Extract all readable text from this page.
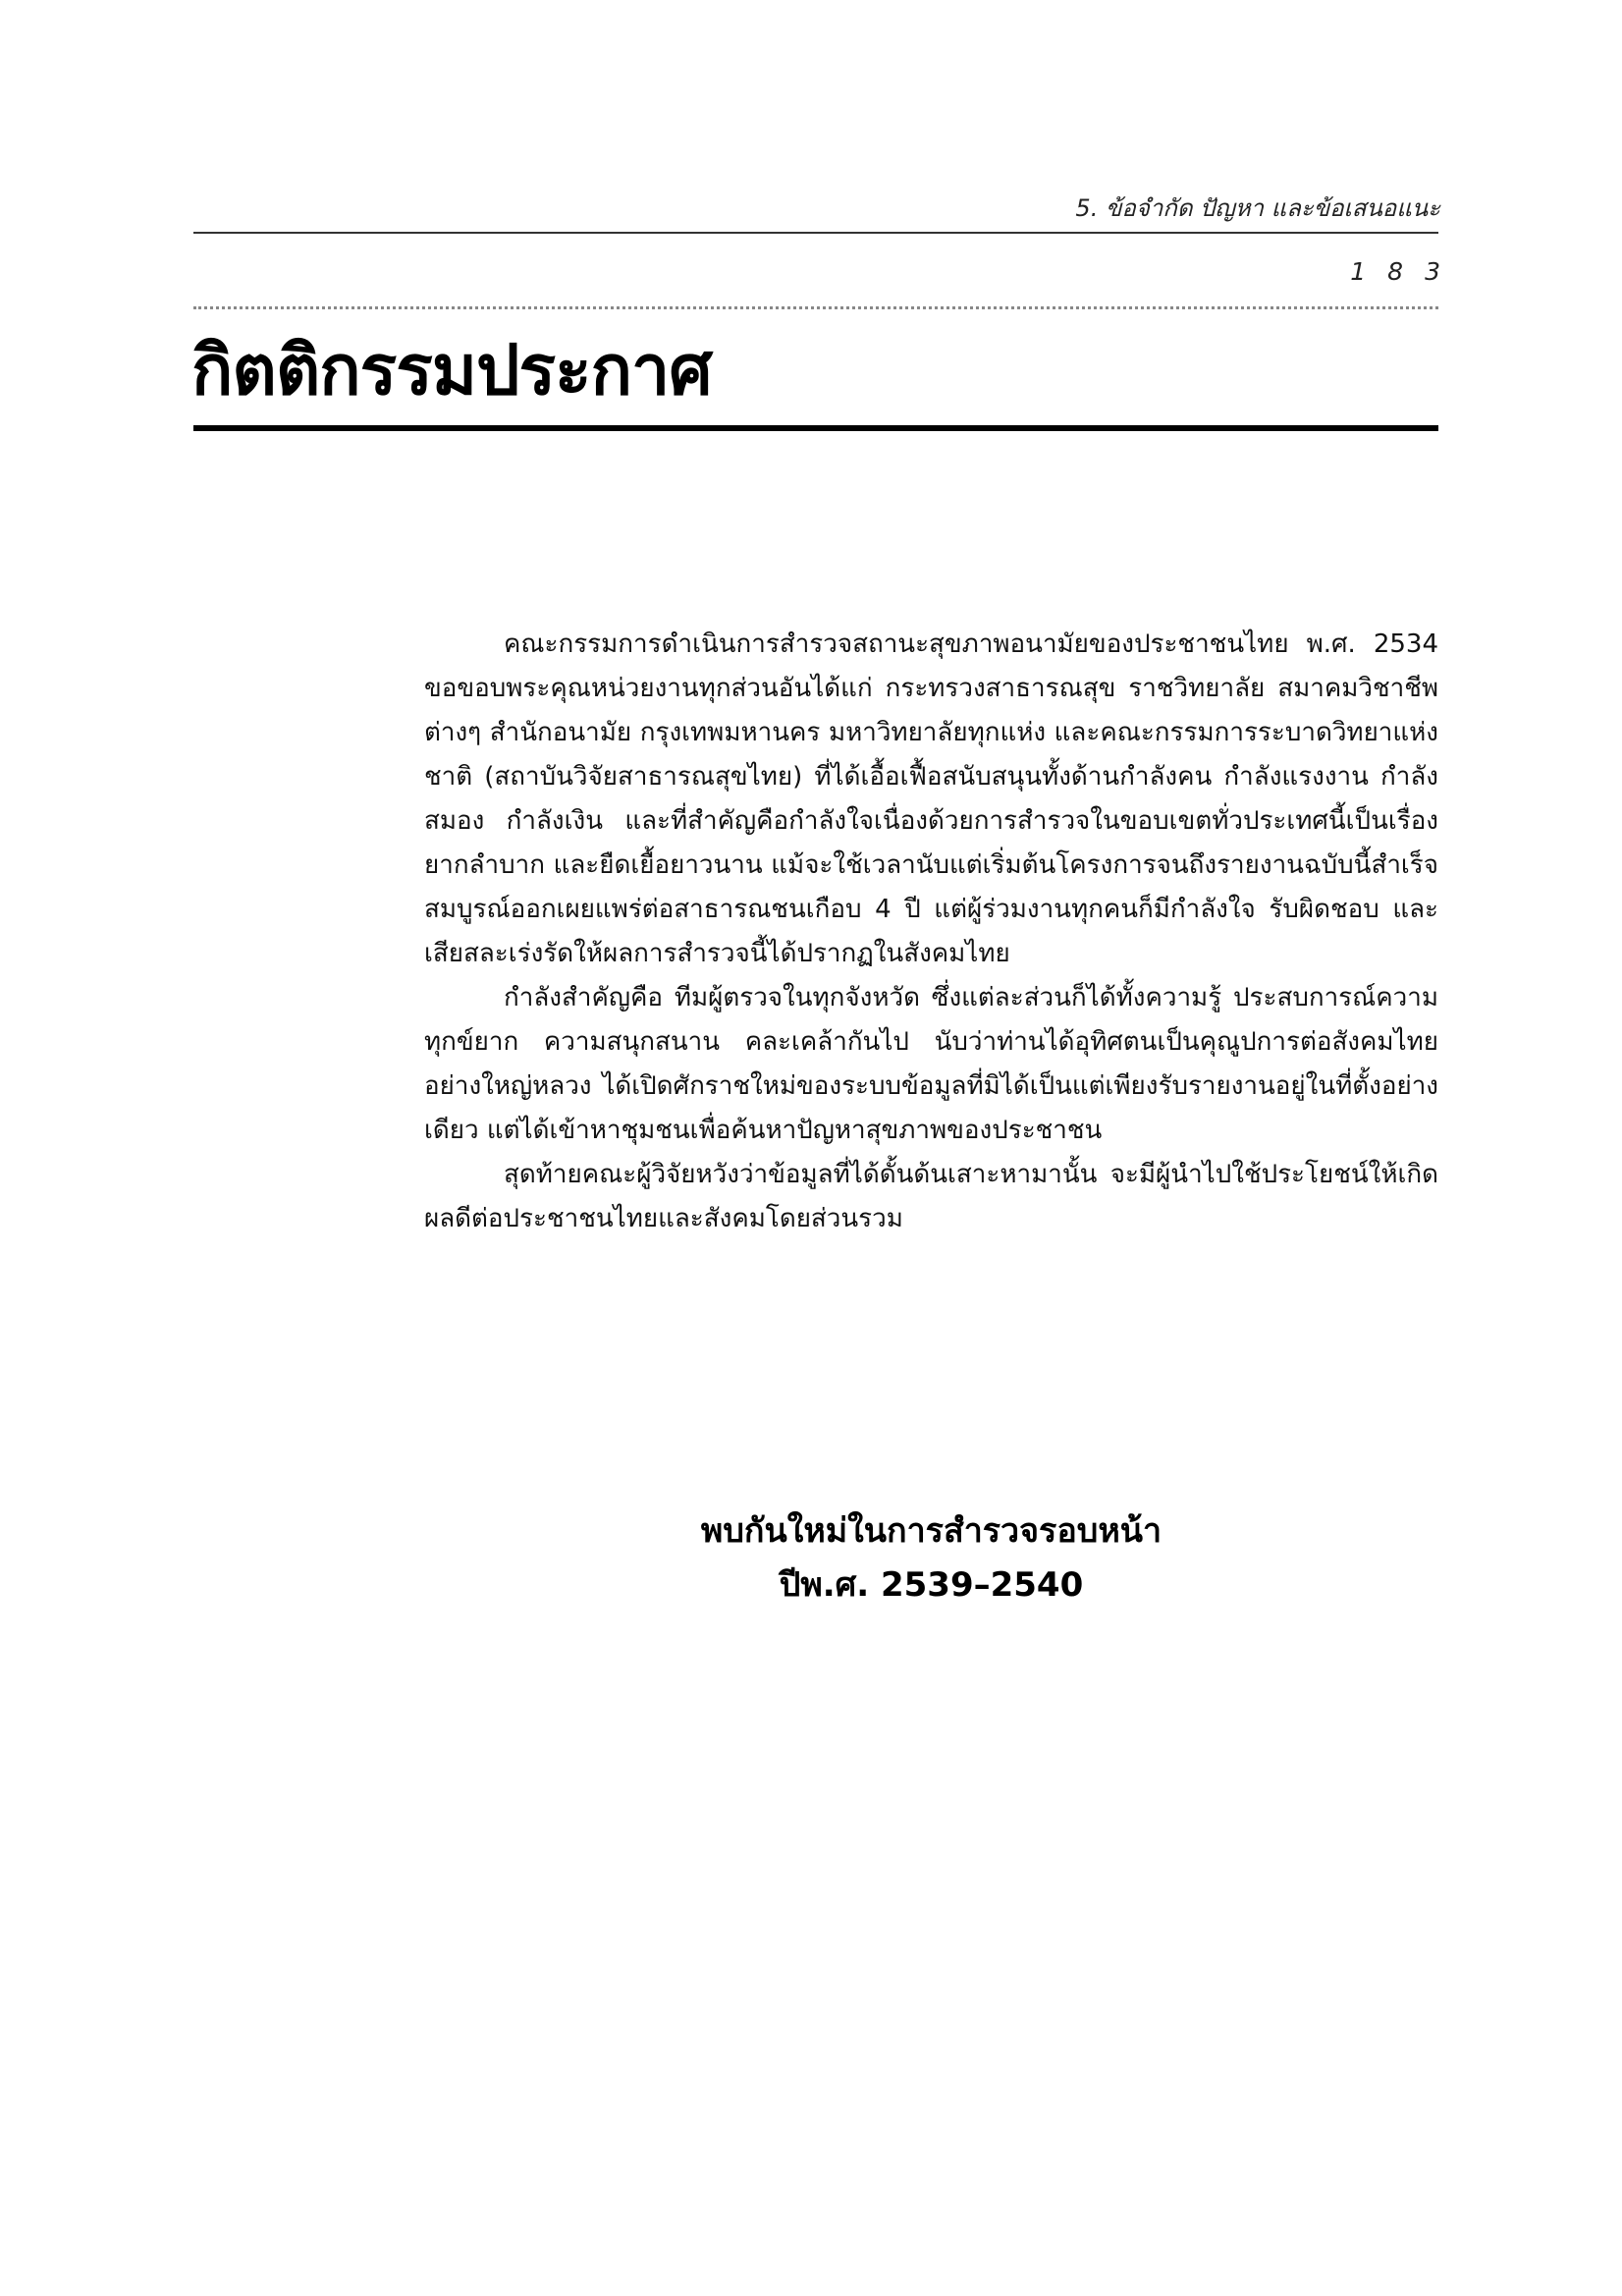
5. ข้อจำกัด ปัญหา และข้อเสนอแนะ
183
กิตติกรรมประกาศ

คณะกรรมการดำเนินการสำรวจสถานะสุขภาพอนามัยของประชาชนไทย พ.ศ. 2534 ขอขอบพระคุณหน่วยงานทุกส่วนอันได้แก่ กระทรวงสาธารณสุข ราชวิทยาลัย สมาคมวิชาชีพต่างๆ สำนักอนามัย กรุงเทพมหานคร มหาวิทยาลัยทุกแห่ง และคณะกรรมการระบาดวิทยาแห่งชาติ (สถาบันวิจัยสาธารณสุขไทย) ที่ได้เอื้อเฟื้อสนับสนุนทั้งด้านกำลังคน กำลังแรงงาน กำลังสมอง กำลังเงิน และที่สำคัญคือกำลังใจเนื่องด้วยการสำรวจในขอบเขตทั่วประเทศนี้เป็นเรื่องยากลำบาก และยืดเยื้อยาวนาน แม้จะใช้เวลานับแต่เริ่มต้นโครงการจนถึงรายงานฉบับนี้สำเร็จสมบูรณ์ออกเผยแพร่ต่อสาธารณชนเกือบ 4 ปี แต่ผู้ร่วมงานทุกคนก็มีกำลังใจ รับผิดชอบ และเสียสละเร่งรัดให้ผลการสำรวจนี้ได้ปรากฏในสังคมไทย

กำลังสำคัญคือ ทีมผู้ตรวจในทุกจังหวัด ซึ่งแต่ละส่วนก็ได้ทั้งความรู้ ประสบการณ์ความทุกข์ยาก ความสนุกสนาน คละเคล้ากันไป นับว่าท่านได้อุทิศตนเป็นคุณูปการต่อสังคมไทยอย่างใหญ่หลวง ได้เปิดศักราชใหม่ของระบบข้อมูลที่มิได้เป็นแต่เพียงรับรายงานอยู่ในที่ตั้งอย่างเดียว แต่ได้เข้าหาชุมชนเพื่อค้นหาปัญหาสุขภาพของประชาชน

สุดท้ายคณะผู้วิจัยหวังว่าข้อมูลที่ได้ดั้นด้นเสาะหามานั้น จะมีผู้นำไปใช้ประโยชน์ให้เกิดผลดีต่อประชาชนไทยและสังคมโดยส่วนรวม

พบกันใหม่ในการสำรวจรอบหน้า
ปีพ.ศ. 2539–2540
